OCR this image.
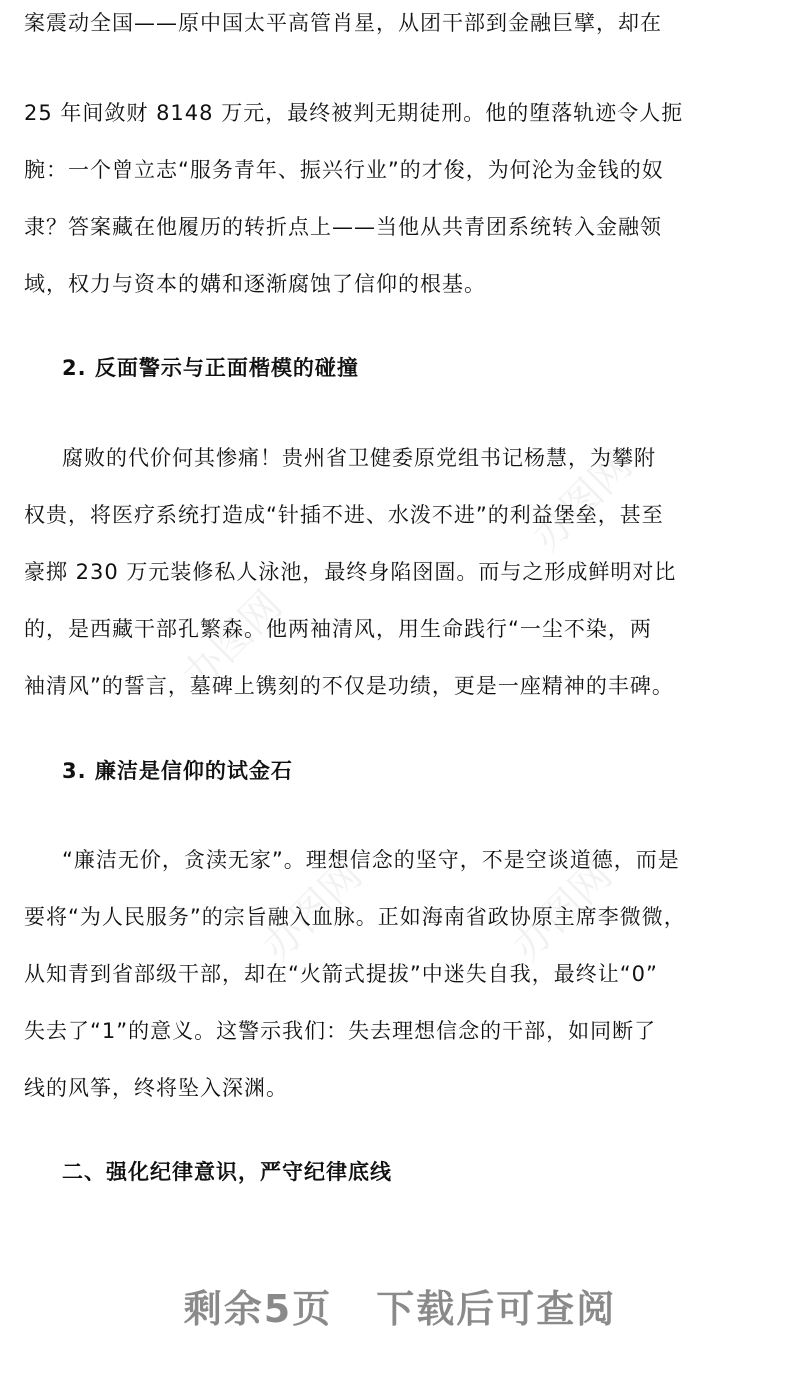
办图网
办图网
办图网	办图网
案震动全国——原中国太平高管肖星，从团干部到金融巨擘，却在
25 年间敛财 8148 万元，最终被判无期徒刑。他的堕落轨迹令人扼
腕：一个曾立志“服务青年、振兴行业”的才俊，为何沦为金钱的奴
隶？答案藏在他履历的转折点上——当他从共青团系统转入金融领
域，权力与资本的媾和逐渐腐蚀了信仰的根基。
2. 反面警示与正面楷模的碰撞
腐败的代价何其惨痛！贵州省卫健委原党组书记杨慧，为攀附
权贵，将医疗系统打造成“针插不进、水泼不进”的利益堡垒，甚至
豪掷 230 万元装修私人泳池，最终身陷囹圄。而与之形成鲜明对比
的，是西藏干部孔繁森。他两袖清风，用生命践行“一尘不染，两
袖清风”的誓言，墓碑上镌刻的不仅是功绩，更是一座精神的丰碑。
3. 廉洁是信仰的试金石
“廉洁无价，贪渎无家”。理想信念的坚守，不是空谈道德，而是
要将“为人民服务”的宗旨融入血脉。正如海南省政协原主席李微微，
从知青到省部级干部，却在“火箭式提拔”中迷失自我，最终让“0”
失去了“1”的意义。这警示我们：失去理想信念的干部，如同断了
线的风筝，终将坠入深渊。
二、强化纪律意识，严守纪律底线
剩余5页 下载后可查阅
